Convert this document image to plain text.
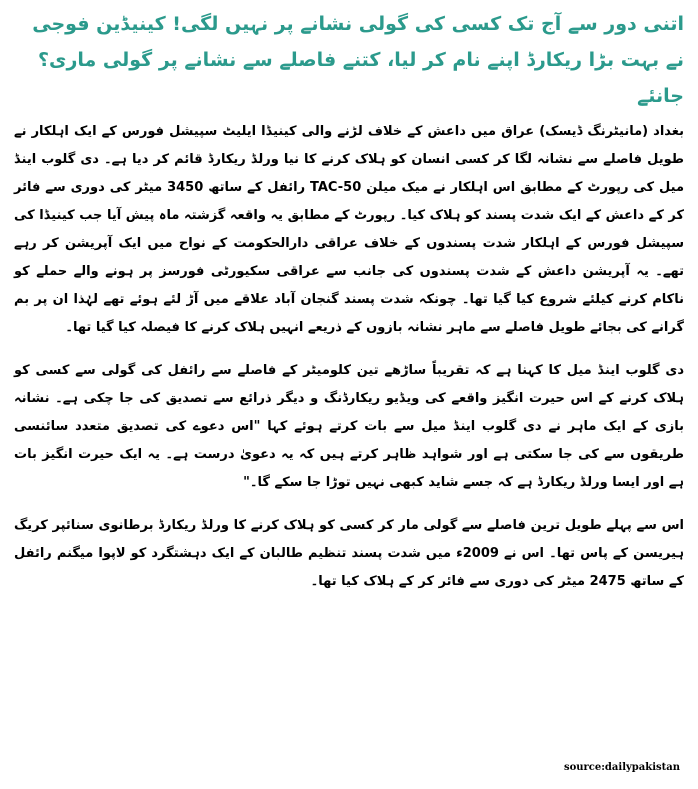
اتنی دور سے آج تک کسی کی گولی نشانے پر نہیں لگی! کینیڈین فوجی نے بہت بڑا ریکارڈ اپنے نام کر لیا، کتنے فاصلے سے نشانے پر گولی ماری؟ جانئے

بغداد (مانیٹرنگ ڈیسک) عراق میں داعش کے خلاف لڑنے والی کینیڈا ایلیٹ سپیشل فورس کے ایک اہلکار نے طویل فاصلے سے نشانہ لگا کر کسی انسان کو ہلاک کرنے کا نیا ورلڈ ریکارڈ قائم کر دیا ہے۔ دی گلوب اینڈ میل کی رپورٹ کے مطابق اس اہلکار نے میک میلن TAC-50 رائفل کے ساتھ 3450 میٹر کی دوری سے فائر کر کے داعش کے ایک شدت پسند کو ہلاک کیا۔ رپورٹ کے مطابق یہ واقعہ گزشتہ ماہ پیش آیا جب کینیڈا کی سپیشل فورس کے اہلکار شدت پسندوں کے خلاف عراقی دارالحکومت کے نواح میں ایک آپریشن کر رہے تھے۔ یہ آپریشن داعش کے شدت پسندوں کی جانب سے عراقی سکیورٹی فورسز پر ہونے والے حملے کو ناکام کرنے کیلئے شروع کیا گیا تھا۔ چونکہ شدت پسند گنجان آباد علاقے میں آڑ لئے ہوئے تھے لہٰذا ان پر بم گرانے کی بجائے طویل فاصلے سے ماہر نشانہ بازوں کے ذریعے انہیں ہلاک کرنے کا فیصلہ کیا گیا تھا۔

دی گلوب اینڈ میل کا کہنا ہے کہ تقریباً ساڑھے تین کلومیٹر کے فاصلے سے رائفل کی گولی سے کسی کو ہلاک کرنے کے اس حیرت انگیز واقعے کی ویڈیو ریکارڈنگ و دیگر ذرائع سے تصدیق کی جا چکی ہے۔ نشانہ بازی کے ایک ماہر نے دی گلوب اینڈ میل سے بات کرتے ہوئے کہا "اس دعوے کی تصدیق متعدد سائنسی طریقوں سے کی جا سکتی ہے اور شواہد ظاہر کرتے ہیں کہ یہ دعویٰ درست ہے۔ یہ ایک حیرت انگیز بات ہے اور ایسا ورلڈ ریکارڈ ہے کہ جسے شاید کبھی نہیں توڑا جا سکے گا۔"

اس سے پہلے طویل ترین فاصلے سے گولی مار کر کسی کو ہلاک کرنے کا ورلڈ ریکارڈ برطانوی سنائپر کریگ ہیریسن کے پاس تھا۔ اس نے 2009ء میں شدت پسند تنظیم طالبان کے ایک دہشتگرد کو لاپوا میگنم رائفل کے ساتھ 2475 میٹر کی دوری سے فائر کر کے ہلاک کیا تھا۔

source:dailypakistan
